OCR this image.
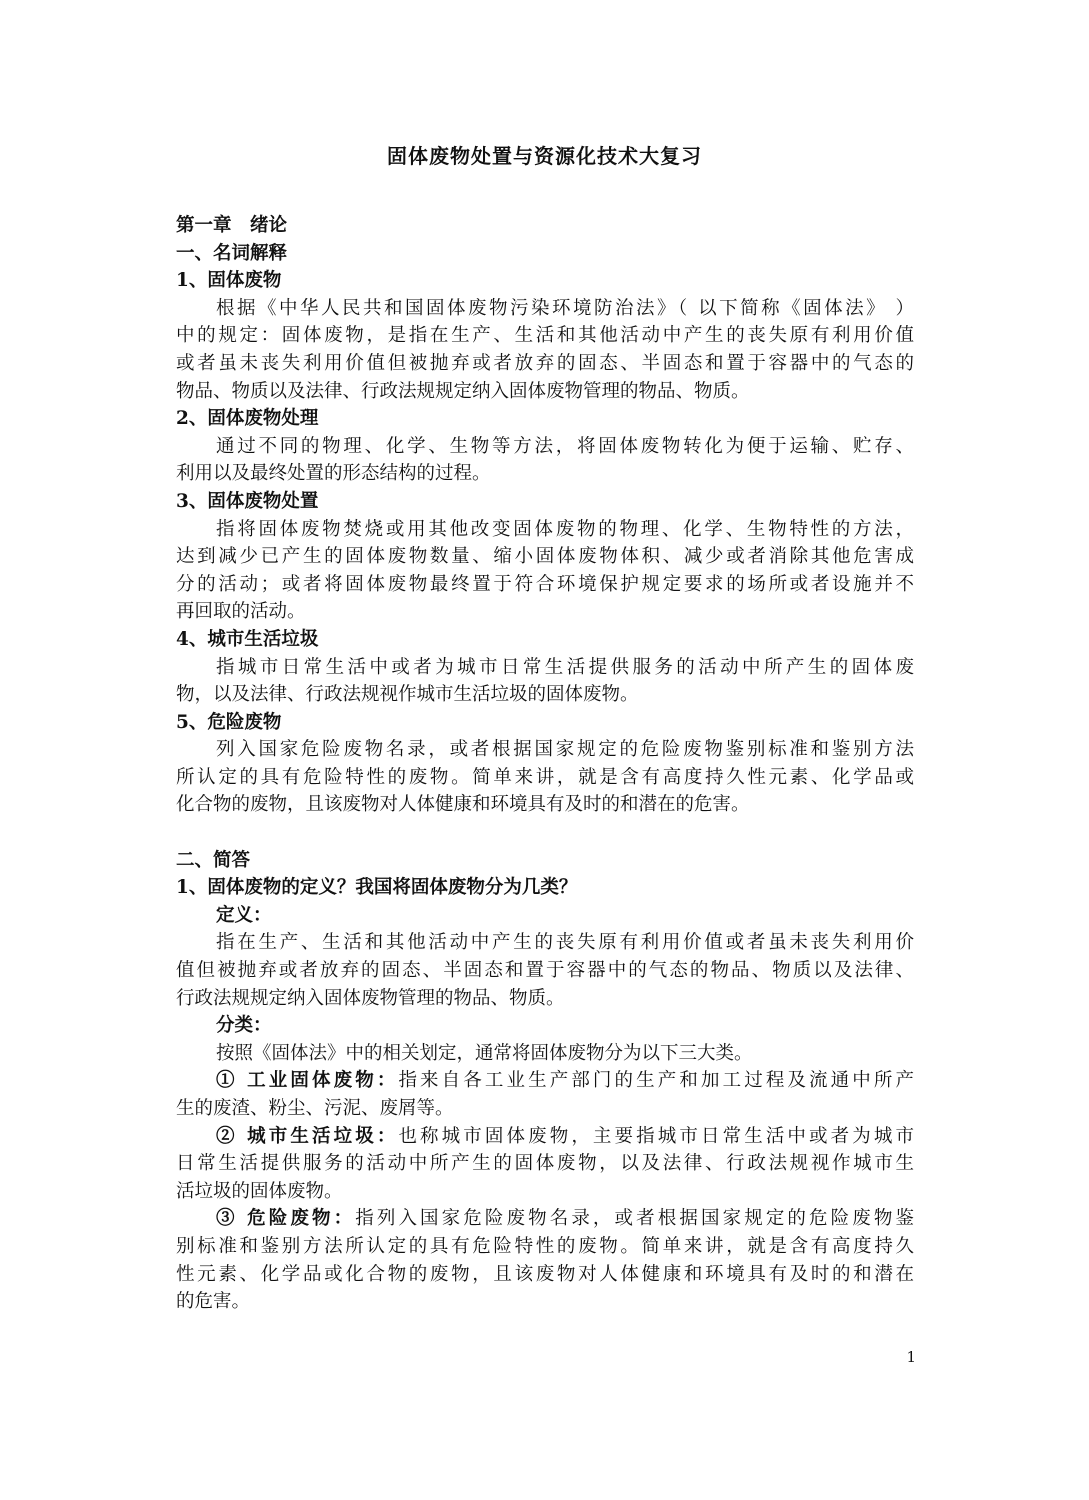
固体废物处置与资源化技术大复习
第一章　绪论
一、名词解释
1、固体废物
根据《中华人民共和国固体废物污染环境防治法》（ 以下简称《固体法》 ）
中的规定：固体废物，是指在生产、生活和其他活动中产生的丧失原有利用价值
或者虽未丧失利用价值但被抛弃或者放弃的固态、半固态和置于容器中的气态的
物品、物质以及法律、行政法规规定纳入固体废物管理的物品、物质。
2、固体废物处理
通过不同的物理、化学、生物等方法，将固体废物转化为便于运输、贮存、
利用以及最终处置的形态结构的过程。
3、固体废物处置
指将固体废物焚烧或用其他改变固体废物的物理、化学、生物特性的方法，
达到减少已产生的固体废物数量、缩小固体废物体积、减少或者消除其他危害成
分的活动；或者将固体废物最终置于符合环境保护规定要求的场所或者设施并不
再回取的活动。
4、城市生活垃圾
指城市日常生活中或者为城市日常生活提供服务的活动中所产生的固体废
物，以及法律、行政法规视作城市生活垃圾的固体废物。
5、危险废物
列入国家危险废物名录，或者根据国家规定的危险废物鉴别标准和鉴别方法
所认定的具有危险特性的废物。简单来讲，就是含有高度持久性元素、化学品或
化合物的废物，且该废物对人体健康和环境具有及时的和潜在的危害。
二、简答
1、固体废物的定义？我国将固体废物分为几类？
定义：
指在生产、生活和其他活动中产生的丧失原有利用价值或者虽未丧失利用价
值但被抛弃或者放弃的固态、半固态和置于容器中的气态的物品、物质以及法律、
行政法规规定纳入固体废物管理的物品、物质。
分类：
按照《固体法》中的相关划定，通常将固体废物分为以下三大类。
① 工业固体废物：指来自各工业生产部门的生产和加工过程及流通中所产
生的废渣、粉尘、污泥、废屑等。
② 城市生活垃圾：也称城市固体废物，主要指城市日常生活中或者为城市
日常生活提供服务的活动中所产生的固体废物，以及法律、行政法规视作城市生
活垃圾的固体废物。
③ 危险废物：指列入国家危险废物名录，或者根据国家规定的危险废物鉴
别标准和鉴别方法所认定的具有危险特性的废物。简单来讲，就是含有高度持久
性元素、化学品或化合物的废物，且该废物对人体健康和环境具有及时的和潜在
的危害。
1
